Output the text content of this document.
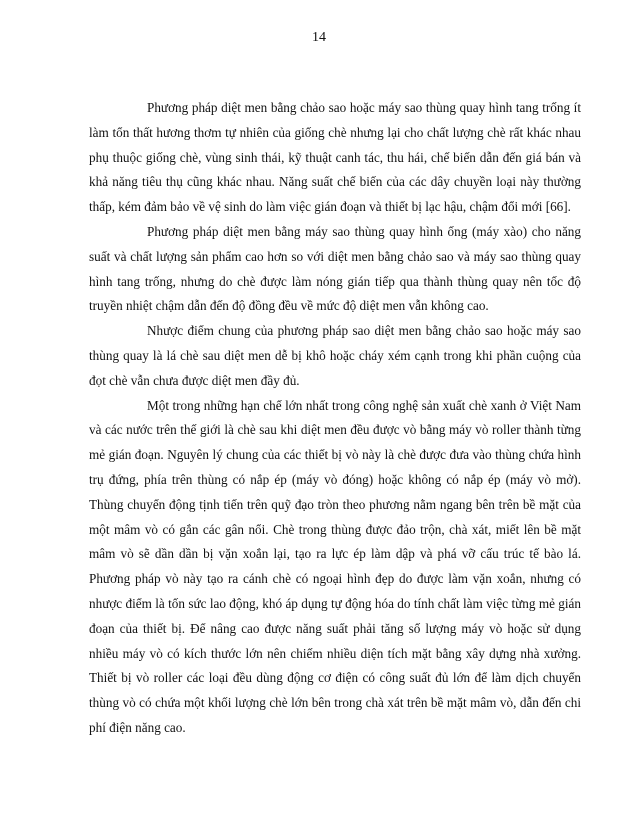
14

Phương pháp diệt men bằng chảo sao hoặc máy sao thùng quay hình tang trống ít làm tổn thất hương thơm tự nhiên của giống chè nhưng lại cho chất lượng chè rất khác nhau phụ thuộc giống chè, vùng sinh thái, kỹ thuật canh tác, thu hái, chế biến dẫn đến giá bán và khả năng tiêu thụ cũng khác nhau. Năng suất chế biến của các dây chuyền loại này thường thấp, kém đảm bảo về vệ sinh do làm việc gián đoạn và thiết bị lạc hậu, chậm đổi mới [66].

Phương pháp diệt men bằng máy sao thùng quay hình ống (máy xào) cho năng suất và chất lượng sản phẩm cao hơn so với diệt men bằng chảo sao và máy sao thùng quay hình tang trống, nhưng do chè được làm nóng gián tiếp qua thành thùng quay nên tốc độ truyền nhiệt chậm dẫn đến độ đồng đều về mức độ diệt men vẫn không cao.

Nhược điểm chung của phương pháp sao diệt men bằng chảo sao hoặc máy sao thùng quay là lá chè sau diệt men dễ bị khô hoặc cháy xém cạnh trong khi phần cuộng của đọt chè vẫn chưa được diệt men đầy đủ.

Một trong những hạn chế lớn nhất trong công nghệ sản xuất chè xanh ở Việt Nam và các nước trên thế giới là chè sau khi diệt men đều được vò bằng máy vò roller thành từng mẻ gián đoạn. Nguyên lý chung của các thiết bị vò này là chè được đưa vào thùng chứa hình trụ đứng, phía trên thùng có nắp ép (máy vò đóng) hoặc không có nắp ép (máy vò mở). Thùng chuyển động tịnh tiến trên quỹ đạo tròn theo phương nằm ngang bên trên bề mặt của một mâm vò có gắn các gân nổi. Chè trong thùng được đảo trộn, chà xát, miết lên bề mặt mâm vò sẽ dần dần bị vặn xoắn lại, tạo ra lực ép làm dập và phá vỡ cấu trúc tế bào lá. Phương pháp vò này tạo ra cánh chè có ngoại hình đẹp do được làm vặn xoắn, nhưng có nhược điểm là tốn sức lao động, khó áp dụng tự động hóa do tính chất làm việc từng mẻ gián đoạn của thiết bị. Để nâng cao được năng suất phải tăng số lượng máy vò hoặc sử dụng nhiều máy vò có kích thước lớn nên chiếm nhiều diện tích mặt bằng xây dựng nhà xưởng. Thiết bị vò roller các loại đều dùng động cơ điện có công suất đủ lớn để làm dịch chuyển thùng vò có chứa một khối lượng chè lớn bên trong chà xát trên bề mặt mâm vò, dẫn đến chi phí điện năng cao.
